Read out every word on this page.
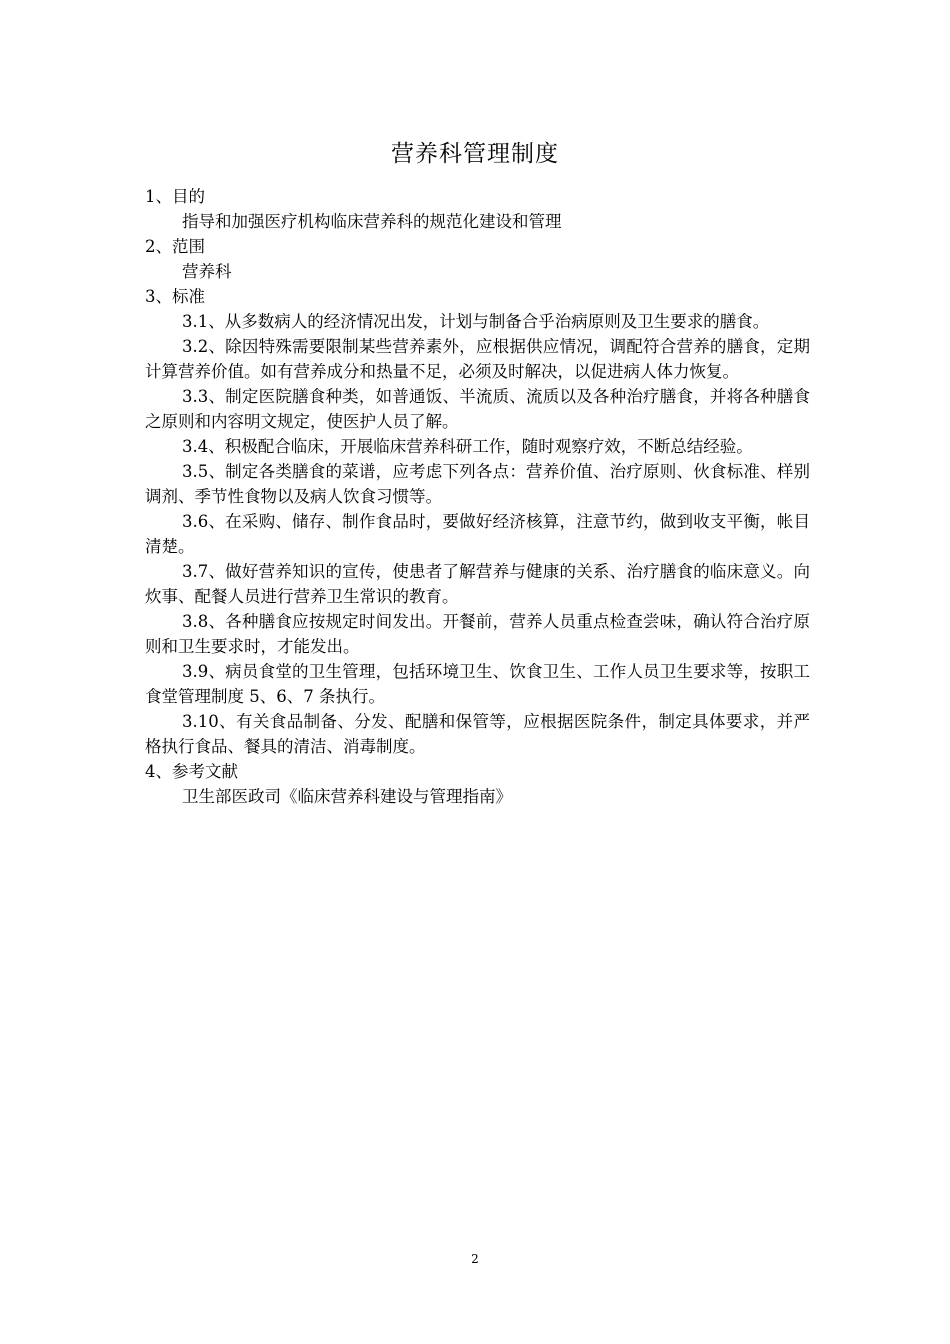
营养科管理制度

1、目的

指导和加强医疗机构临床营养科的规范化建设和管理

2、范围

营养科

3、标准

3.1、从多数病人的经济情况出发，计划与制备合乎治病原则及卫生要求的膳食。

3.2、除因特殊需要限制某些营养素外，应根据供应情况，调配符合营养的膳食，定期计算营养价值。如有营养成分和热量不足，必须及时解决，以促进病人体力恢复。

3.3、制定医院膳食种类，如普通饭、半流质、流质以及各种治疗膳食，并将各种膳食之原则和内容明文规定，使医护人员了解。

3.4、积极配合临床，开展临床营养科研工作，随时观察疗效，不断总结经验。

3.5、制定各类膳食的菜谱，应考虑下列各点：营养价值、治疗原则、伙食标准、样别调剂、季节性食物以及病人饮食习惯等。

3.6、在采购、储存、制作食品时，要做好经济核算，注意节约，做到收支平衡，帐目清楚。

3.7、做好营养知识的宣传，使患者了解营养与健康的关系、治疗膳食的临床意义。向炊事、配餐人员进行营养卫生常识的教育。

3.8、各种膳食应按规定时间发出。开餐前，营养人员重点检查尝味，确认符合治疗原则和卫生要求时，才能发出。

3.9、病员食堂的卫生管理，包括环境卫生、饮食卫生、工作人员卫生要求等，按职工食堂管理制度 5、6、7 条执行。

3.10、有关食品制备、分发、配膳和保管等，应根据医院条件，制定具体要求，并严格执行食品、餐具的清洁、消毒制度。

4、参考文献

卫生部医政司《临床营养科建设与管理指南》

2
